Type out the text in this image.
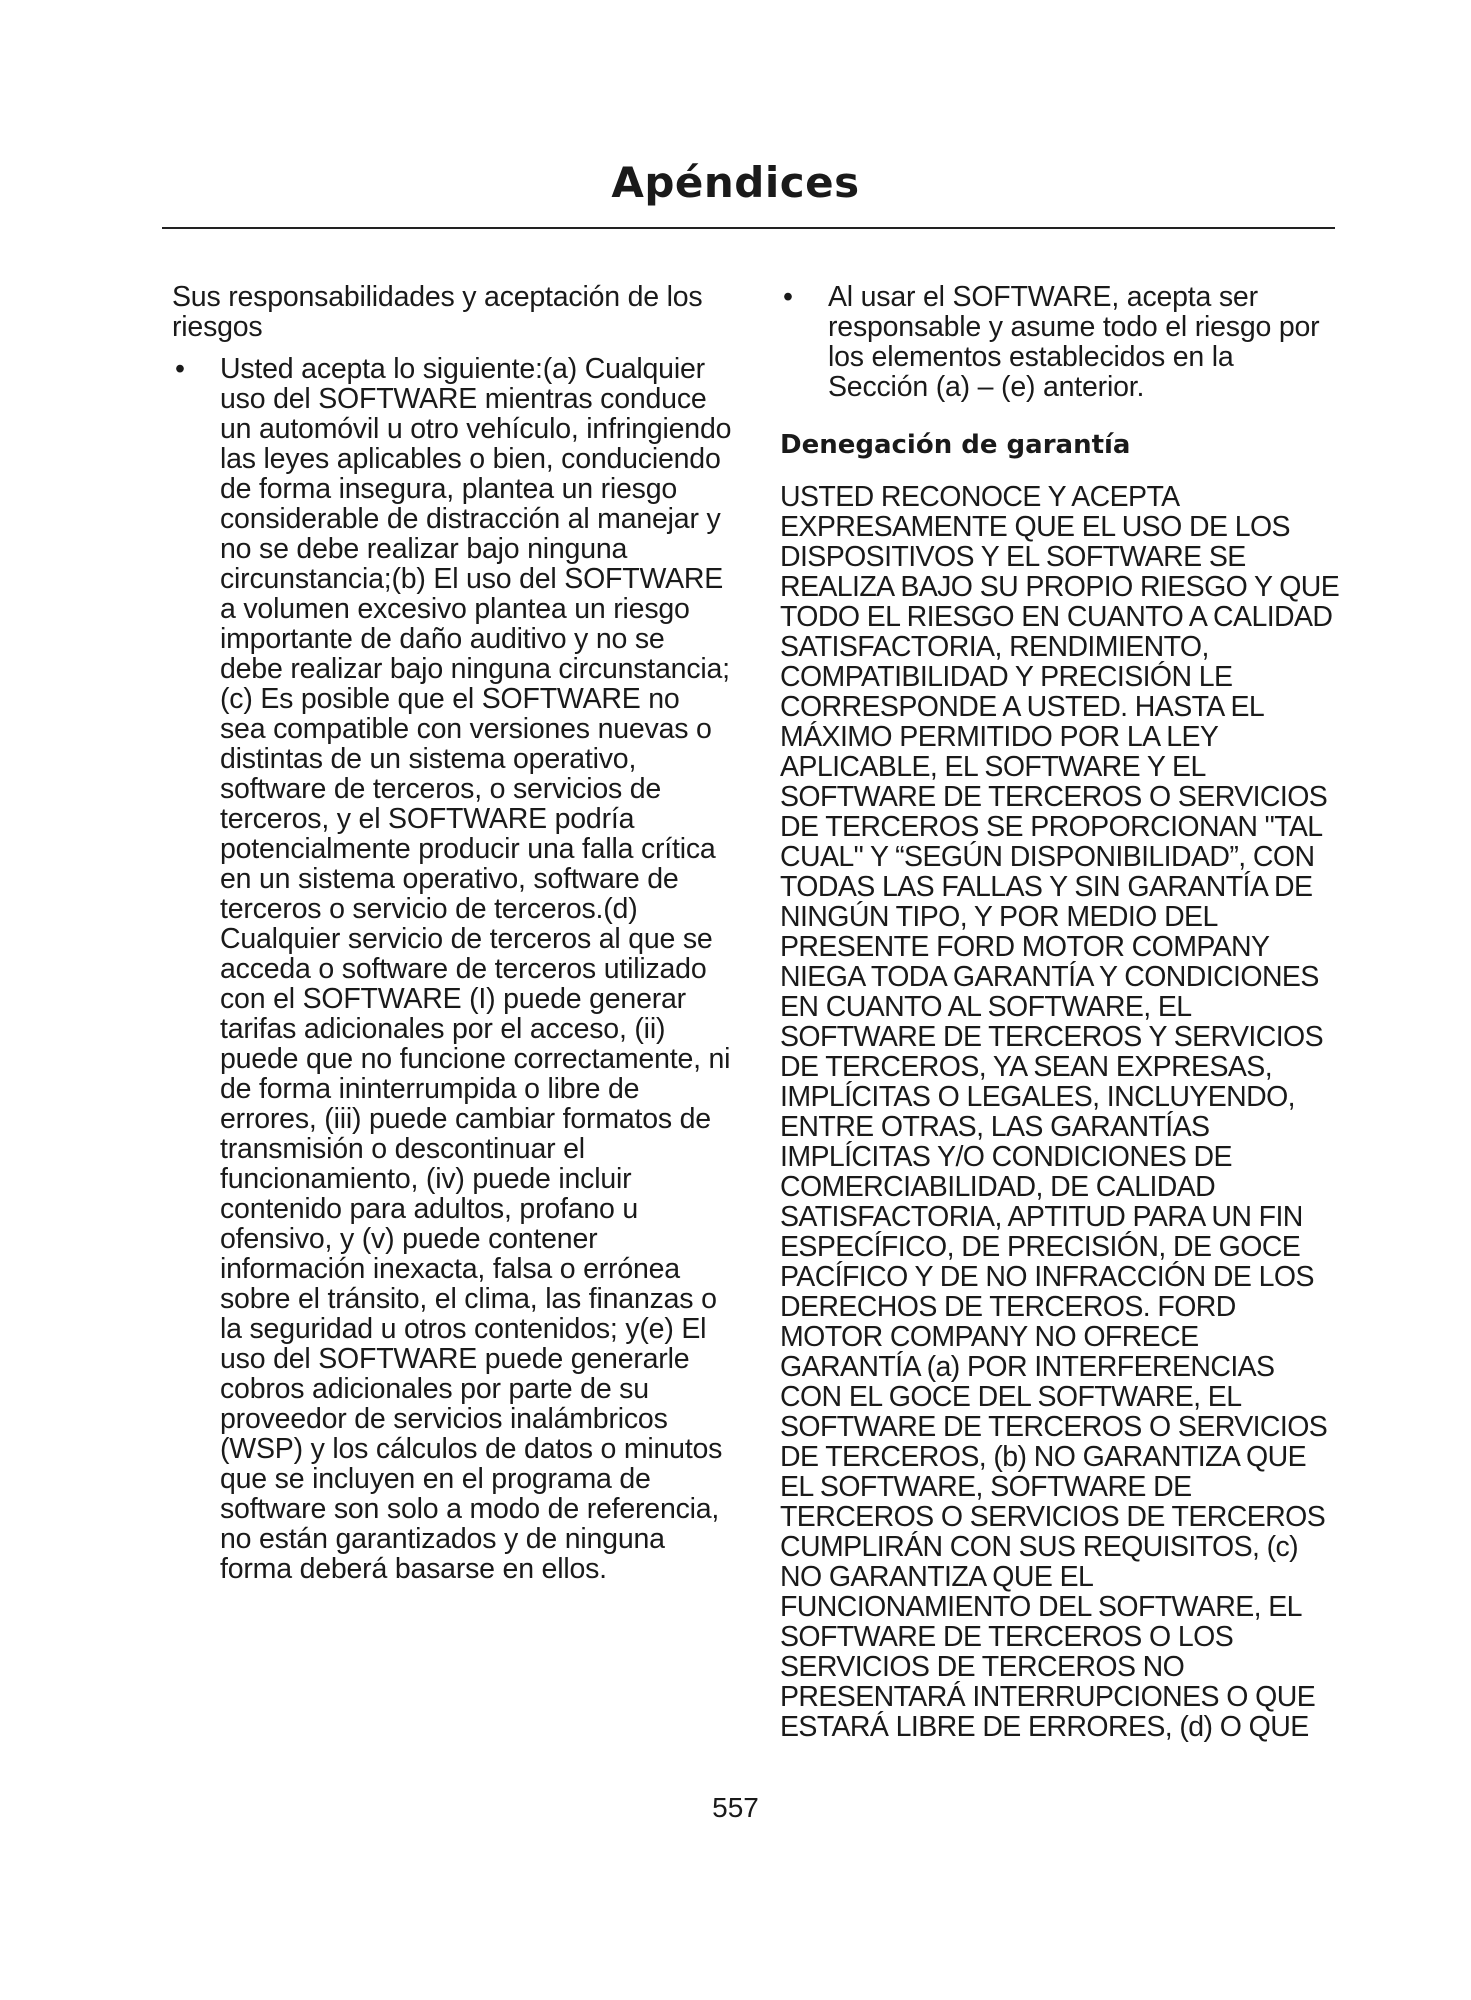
Apéndices

Sus responsabilidades y aceptación de los riesgos

• Usted acepta lo siguiente:(a) Cualquier uso del SOFTWARE mientras conduce un automóvil u otro vehículo, infringiendo las leyes aplicables o bien, conduciendo de forma insegura, plantea un riesgo considerable de distracción al manejar y no se debe realizar bajo ninguna circunstancia;(b) El uso del SOFTWARE a volumen excesivo plantea un riesgo importante de daño auditivo y no se debe realizar bajo ninguna circunstancia;(c) Es posible que el SOFTWARE no sea compatible con versiones nuevas o distintas de un sistema operativo, software de terceros, o servicios de terceros, y el SOFTWARE podría potencialmente producir una falla crítica en un sistema operativo, software de terceros o servicio de terceros.(d) Cualquier servicio de terceros al que se acceda o software de terceros utilizado con el SOFTWARE (I) puede generar tarifas adicionales por el acceso, (ii) puede que no funcione correctamente, ni de forma ininterrumpida o libre de errores, (iii) puede cambiar formatos de transmisión o descontinuar el funcionamiento, (iv) puede incluir contenido para adultos, profano u ofensivo, y (v) puede contener información inexacta, falsa o errónea sobre el tránsito, el clima, las finanzas o la seguridad u otros contenidos; y(e) El uso del SOFTWARE puede generarle cobros adicionales por parte de su proveedor de servicios inalámbricos (WSP) y los cálculos de datos o minutos que se incluyen en el programa de software son solo a modo de referencia, no están garantizados y de ninguna forma deberá basarse en ellos.
• Al usar el SOFTWARE, acepta ser responsable y asume todo el riesgo por los elementos establecidos en la Sección (a) – (e) anterior.
Denegación de garantía

USTED RECONOCE Y ACEPTA EXPRESAMENTE QUE EL USO DE LOS DISPOSITIVOS Y EL SOFTWARE SE REALIZA BAJO SU PROPIO RIESGO Y QUE TODO EL RIESGO EN CUANTO A CALIDAD SATISFACTORIA, RENDIMIENTO, COMPATIBILIDAD Y PRECISIÓN LE CORRESPONDE A USTED. HASTA EL MÁXIMO PERMITIDO POR LA LEY APLICABLE, EL SOFTWARE Y EL SOFTWARE DE TERCEROS O SERVICIOS DE TERCEROS SE PROPORCIONAN "TAL CUAL" Y “SEGÚN DISPONIBILIDAD”, CON TODAS LAS FALLAS Y SIN GARANTÍA DE NINGÚN TIPO, Y POR MEDIO DEL PRESENTE FORD MOTOR COMPANY NIEGA TODA GARANTÍA Y CONDICIONES EN CUANTO AL SOFTWARE, EL SOFTWARE DE TERCEROS Y SERVICIOS DE TERCEROS, YA SEAN EXPRESAS, IMPLÍCITAS O LEGALES, INCLUYENDO, ENTRE OTRAS, LAS GARANTÍAS IMPLÍCITAS Y/O CONDICIONES DE COMERCIABILIDAD, DE CALIDAD SATISFACTORIA, APTITUD PARA UN FIN ESPECÍFICO, DE PRECISIÓN, DE GOCE PACÍFICO Y DE NO INFRACCIÓN DE LOS DERECHOS DE TERCEROS. FORD MOTOR COMPANY NO OFRECE GARANTÍA (a) POR INTERFERENCIAS CON EL GOCE DEL SOFTWARE, EL SOFTWARE DE TERCEROS O SERVICIOS DE TERCEROS, (b) NO GARANTIZA QUE EL SOFTWARE, SOFTWARE DE TERCEROS O SERVICIOS DE TERCEROS CUMPLIRÁN CON SUS REQUISITOS, (c) NO GARANTIZA QUE EL FUNCIONAMIENTO DEL SOFTWARE, EL SOFTWARE DE TERCEROS O LOS SERVICIOS DE TERCEROS NO PRESENTARÁ INTERRUPCIONES O QUE ESTARÁ LIBRE DE ERRORES, (d) O QUE

557
